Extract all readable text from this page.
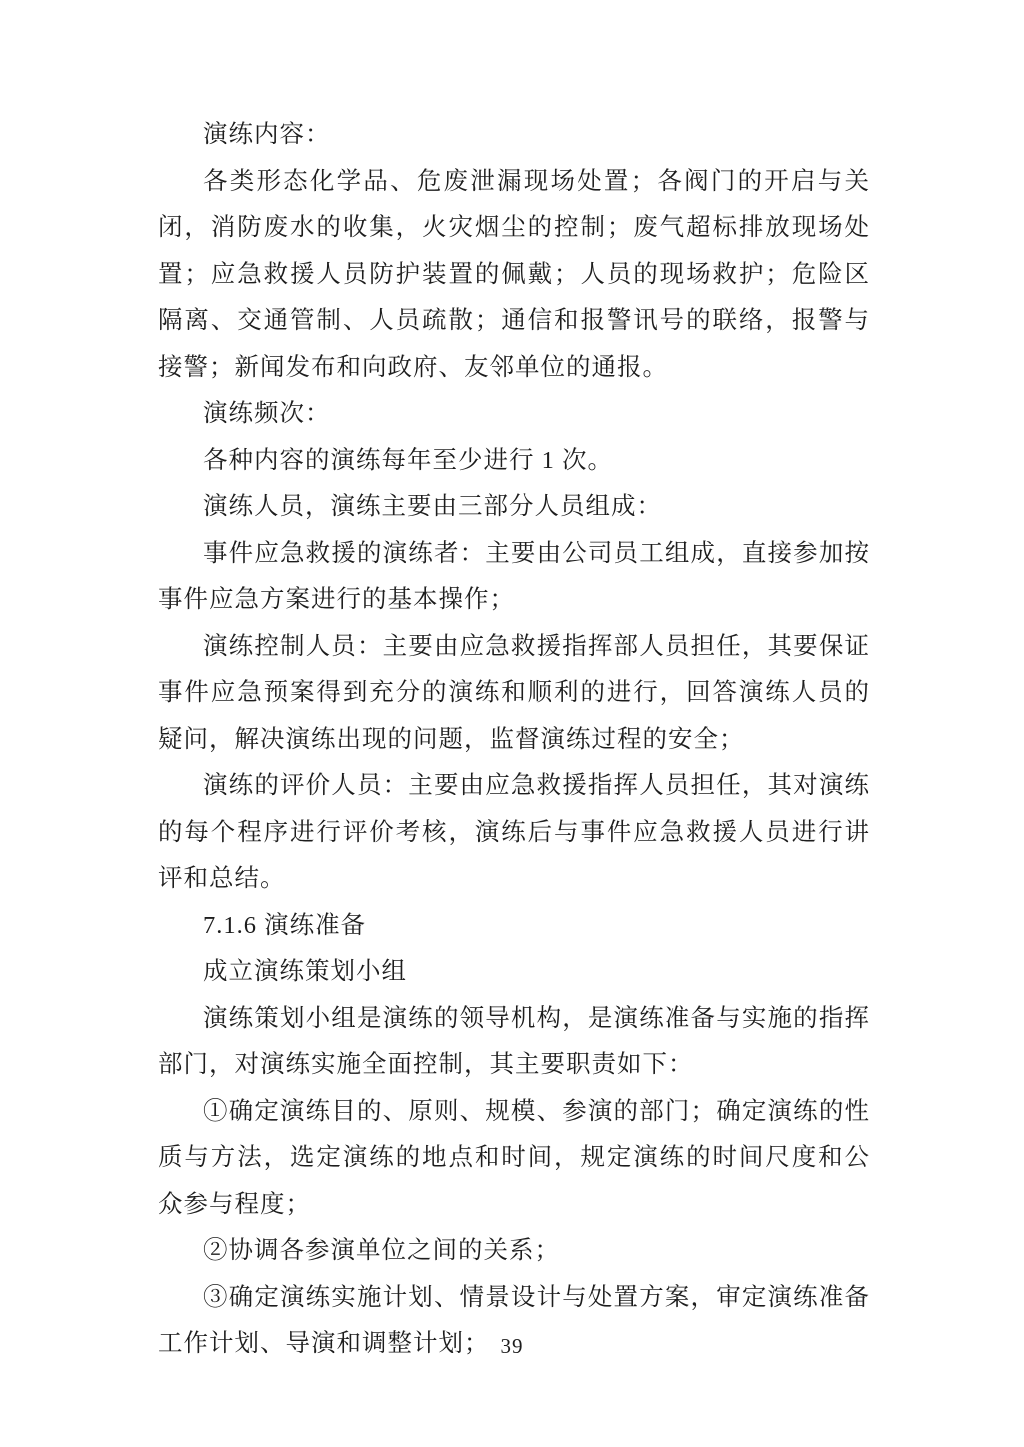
演练内容：

各类形态化学品、危废泄漏现场处置；各阀门的开启与关闭，消防废水的收集，火灾烟尘的控制；废气超标排放现场处置；应急救援人员防护装置的佩戴；人员的现场救护；危险区隔离、交通管制、人员疏散；通信和报警讯号的联络，报警与接警；新闻发布和向政府、友邻单位的通报。

演练频次：

各种内容的演练每年至少进行 1 次。

演练人员，演练主要由三部分人员组成：

事件应急救援的演练者：主要由公司员工组成，直接参加按事件应急方案进行的基本操作；

演练控制人员：主要由应急救援指挥部人员担任，其要保证事件应急预案得到充分的演练和顺利的进行，回答演练人员的疑问，解决演练出现的问题，监督演练过程的安全；

演练的评价人员：主要由应急救援指挥人员担任，其对演练的每个程序进行评价考核，演练后与事件应急救援人员进行讲评和总结。

7.1.6 演练准备

成立演练策划小组

演练策划小组是演练的领导机构，是演练准备与实施的指挥部门，对演练实施全面控制，其主要职责如下：

①确定演练目的、原则、规模、参演的部门；确定演练的性质与方法，选定演练的地点和时间，规定演练的时间尺度和公众参与程度；

②协调各参演单位之间的关系；

③确定演练实施计划、情景设计与处置方案，审定演练准备工作计划、导演和调整计划； 39
